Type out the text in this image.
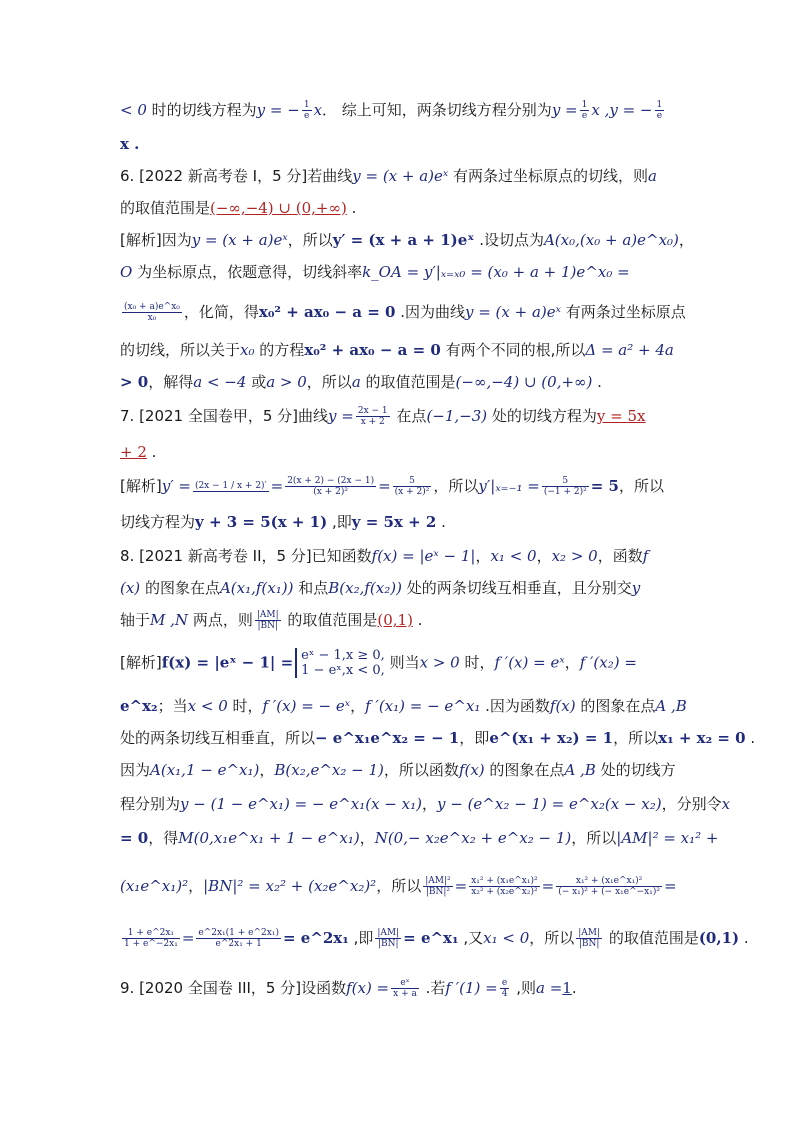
< 0 时的切线方程为y = − $\frac{1}{e}$ x． 综上可知，两条切线方程分别为$y = \frac{1}{e}$ x ,y = − $\frac{1}{e}$
x .
6. [2022 新高考卷 I，5 分]若曲线y = (x + a)eˣ 有两条过坐标原点的切线，则a
的取值范围是(−∞,−4) ∪ (0,+∞) .
[解析]因为y = (x + a)eˣ，所以y′ = (x + a + 1)eˣ .设切点为A(x₀,(x₀ + a)e^x₀)，
O 为坐标原点，依题意得，切线斜率k_OA = y′|ₓ₌ₓ₀ = (x₀ + a + 1)e^x₀ =
$\frac{\text{(x₀ + a)e\textasciicircum{}x₀}}{\text{x₀}}$ ，化简，得x₀² + ax₀ − a = 0 .因为曲线y = (x + a)eˣ 有两条过坐标原点
的切线，所以关于x₀ 的方程x₀² + ax₀ − a = 0 有两个不同的根,所以Δ = a² + 4a
> 0，解得a < −4 或a > 0，所以a 的取值范围是(−∞,−4) ∪ (0,+∞) .
7. [2021 全国卷甲，5 分]曲线$y = \frac{2x - 1}{x + 2}$ 在点(−1,−3) 处的切线方程为y = 5x
+ 2 .
[解析]$y' = (2x - 1 / x + 2)' = \frac{2(x + 2) - (2x - 1)}{\text{(x + 2)²}} = \frac{5}{\text{(x + 2)²}}$ ，所以$y'|_{x=-1} = \frac{5}{\text{(−1 + 2)²}} = 5$，所以
切线方程为y + 3 = 5(x + 1) ,即y = 5x + 2 .
8. [2021 新高考卷 II，5 分]已知函数f(x) = |eˣ − 1|，x₁ < 0，x₂ > 0，函数f
(x) 的图象在点A(x₁,f(x₁)) 和点B(x₂,f(x₂)) 处的两条切线互相垂直，且分别交y
轴于M ,N 两点，则 $\frac{|AM|}{|BN|}$ 的取值范围是(0,1) .
[解析]f(x) = |eˣ − 1| = eˣ − 1,x ≥ 0,
1 − eˣ,x < 0, 则当x > 0 时，f ′(x) = eˣ，f ′(x₂) =
e^x₂；当x < 0 时，f ′(x) = − eˣ，f ′(x₁) = − e^x₁ .因为函数f(x) 的图象在点A ,B
处的两条切线互相垂直，所以− e^x₁e^x₂ = − 1，即e^(x₁ + x₂) = 1，所以x₁ + x₂ = 0 .
因为A(x₁,1 − e^x₁)，B(x₂,e^x₂ − 1)，所以函数f(x) 的图象在点A ,B 处的切线方
程分别为y − (1 − e^x₁) = − e^x₁(x − x₁)，y − (e^x₂ − 1) = e^x₂(x − x₂)，分别令x
= 0，得M(0,x₁e^x₁ + 1 − e^x₁)，N(0,− x₂e^x₂ + e^x₂ − 1)，所以|AM|² = x₁² +
(x₁e^x₁)²，|BN|² = x₂² + (x₂e^x₂)²，所以 $\frac{\text{|AM|²}}{\text{|BN|²}} = \frac{\text{x₁² + (x₁e\textasciicircum{}x₁)²}}{\text{x₂² + (x₂e\textasciicircum{}x₂)²}} = \frac{\text{x₁² + (x₁e\textasciicircum{}x₁)²}}{\text{(− x₁)² + (− x₁e\textasciicircum{}−x₁)²}}$ =
$\frac{\text{1 + e\textasciicircum{}2x₁}}{\text{1 + e\textasciicircum{}−2x₁}} = \frac{\text{e\textasciicircum{}2x₁(1 + e\textasciicircum{}2x₁)}}{\text{e\textasciicircum{}2x₁ + 1}}$ = e^2x₁ ,即 $\frac{|AM|}{|BN|}$ = e^x₁ ,又x₁ < 0，所以 $\frac{|AM|}{|BN|}$ 的取值范围是(0,1) .
9. [2020 全国卷 III，5 分]设函数$f(x) = \frac{\text{eˣ}}{x + a}$ .若f $'(1) = \frac{e}{4}$ ,则a =1.
